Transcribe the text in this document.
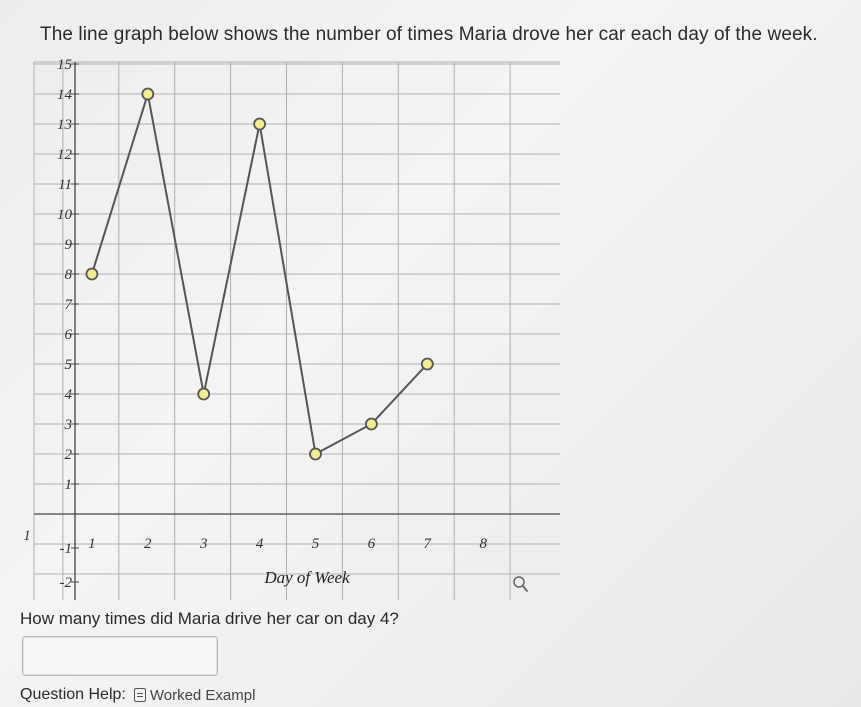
The line graph below shows the number of times Maria drove her car each day of the week.
15
14
13
12
11
10
9
8
7
6
5
4
3
2
1
-1
-2
1	2	3	4	5	6	7	8
Day of Week
1
How many times did Maria drive her car on day 4?
Question Help: Worked Exampl
